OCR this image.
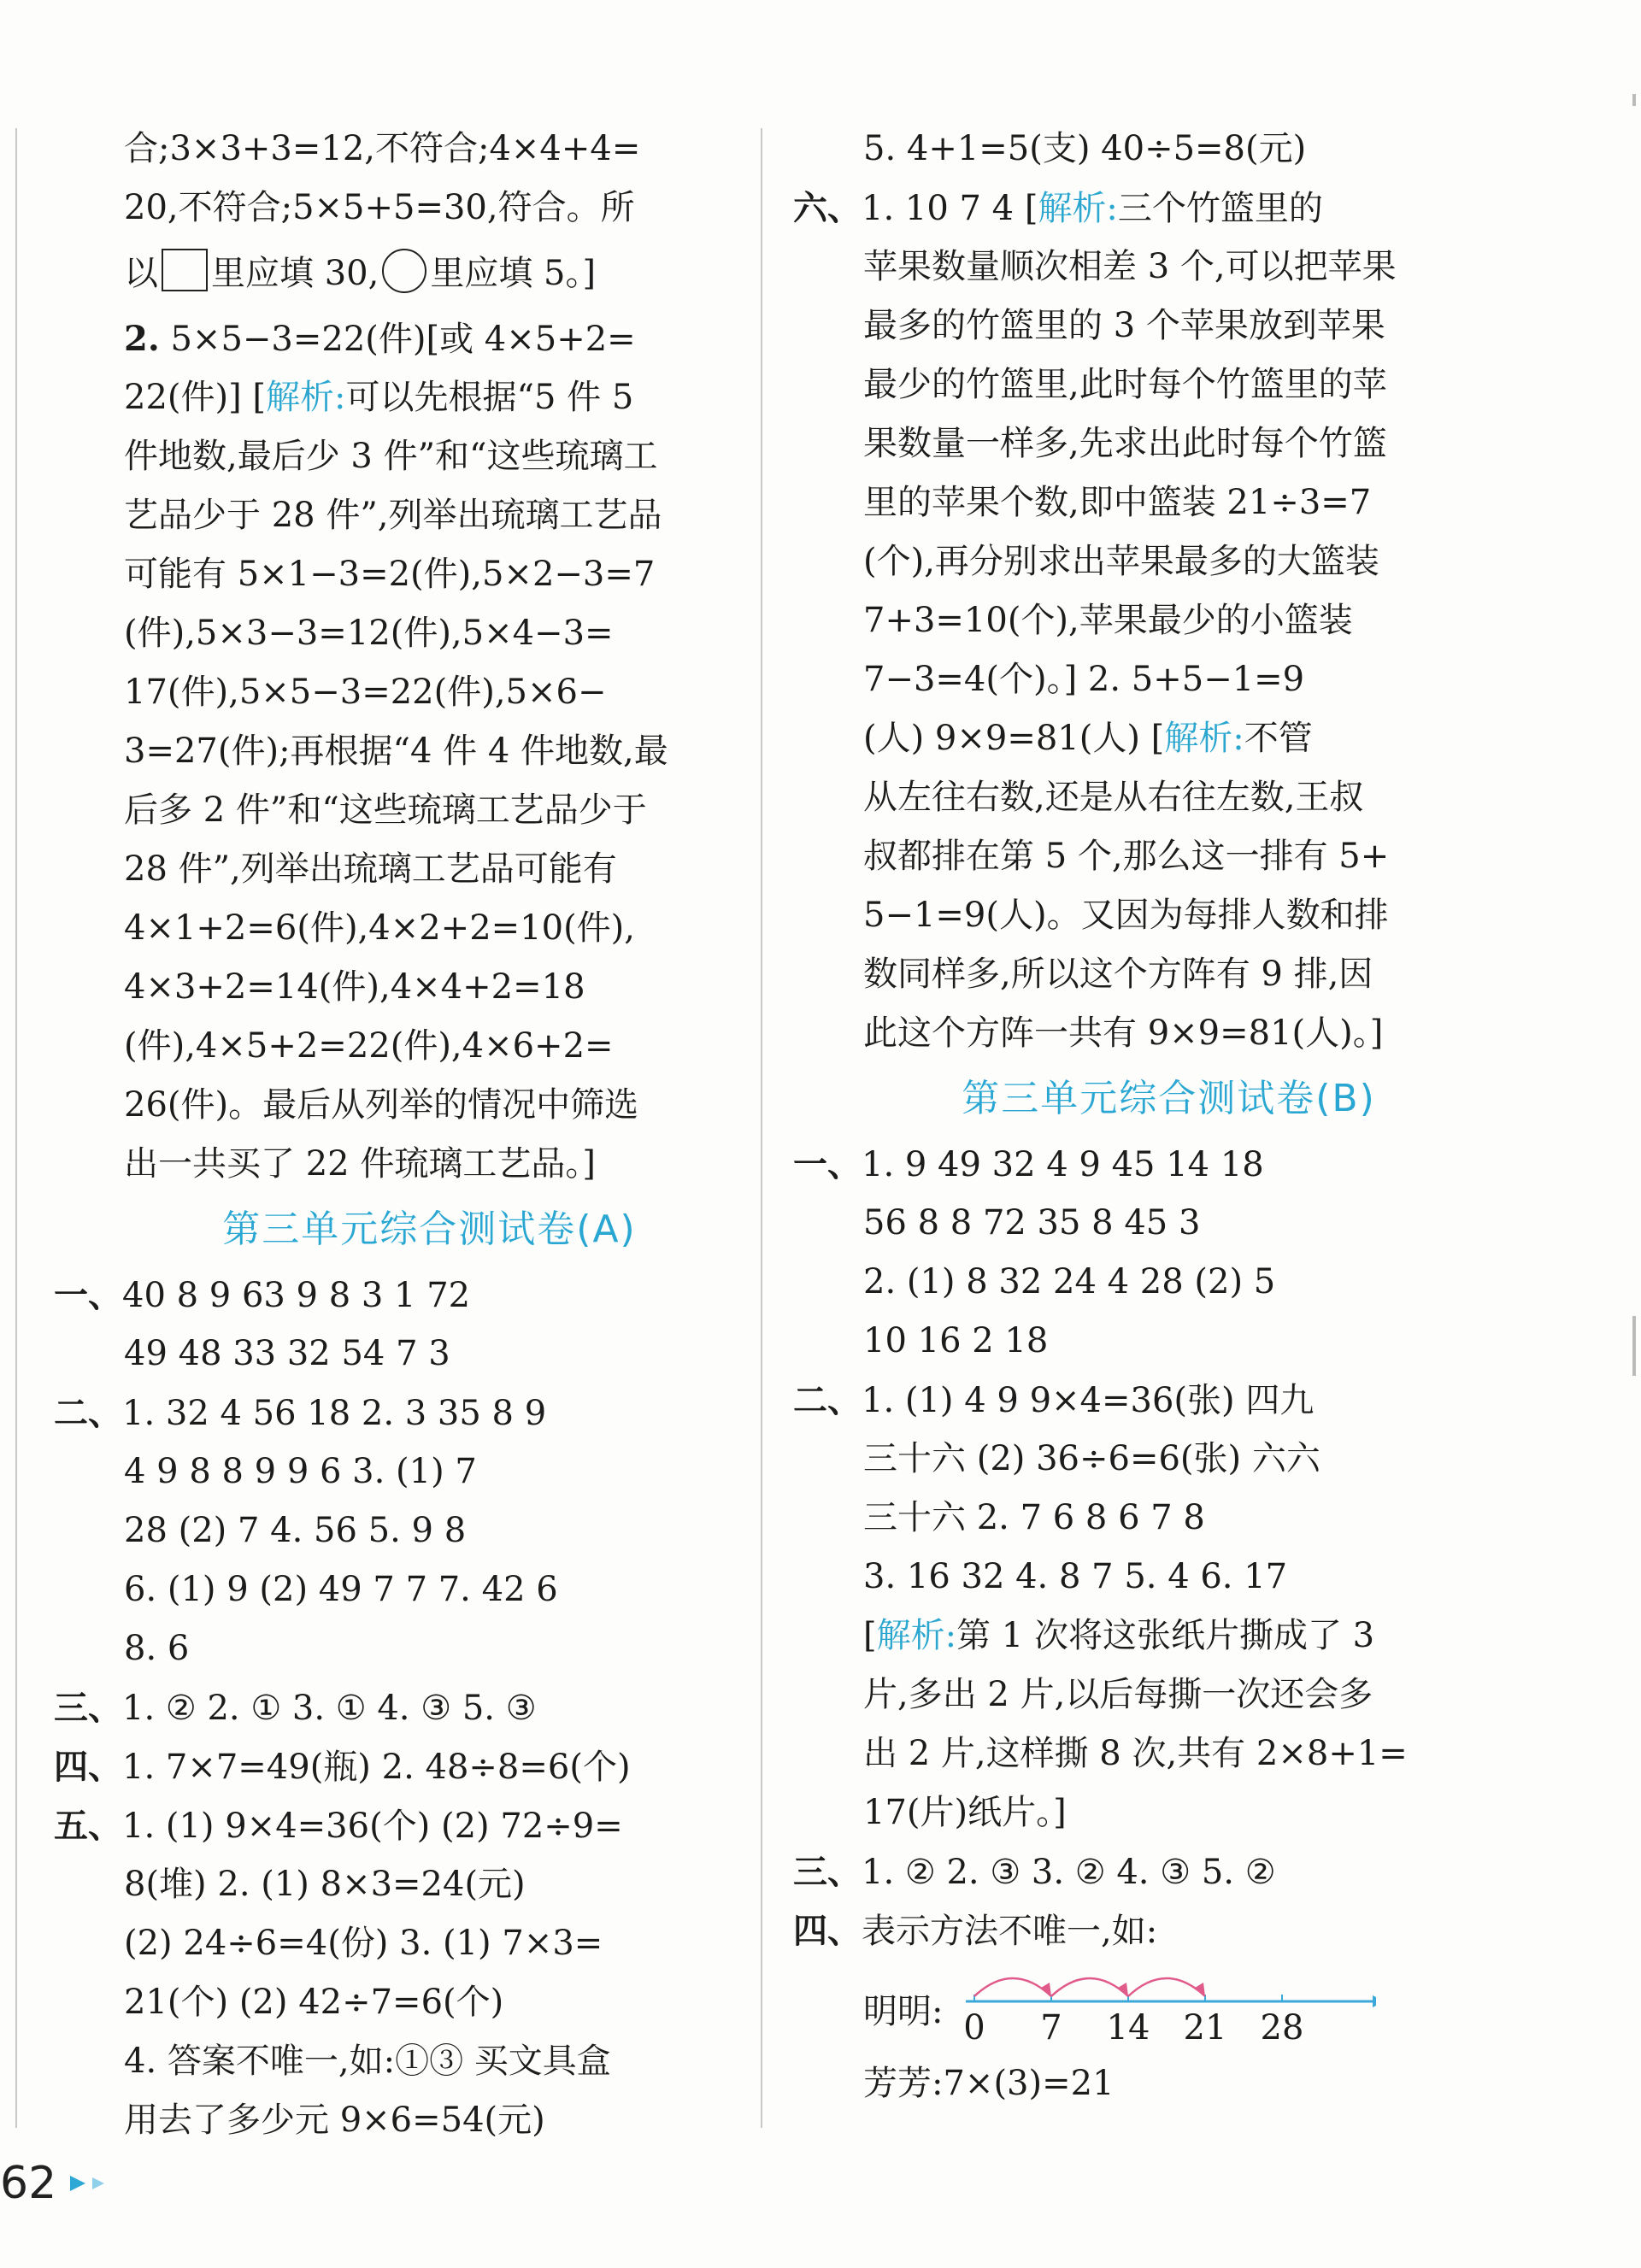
合;3×3+3=12,不符合;4×4+4=
20,不符合;5×5+5=30,符合。所
以 里应填 30, 里应填 5。]
2. 5×5−3=22(件)[或 4×5+2=
22(件)] [解析:可以先根据“5 件 5
件地数,最后少 3 件”和“这些琉璃工
艺品少于 28 件”,列举出琉璃工艺品
可能有 5×1−3=2(件),5×2−3=7
(件),5×3−3=12(件),5×4−3=
17(件),5×5−3=22(件),5×6−
3=27(件);再根据“4 件 4 件地数,最
后多 2 件”和“这些琉璃工艺品少于
28 件”,列举出琉璃工艺品可能有
4×1+2=6(件),4×2+2=10(件),
4×3+2=14(件),4×4+2=18
(件),4×5+2=22(件),4×6+2=
26(件)。最后从列举的情况中筛选
出一共买了 22 件琉璃工艺品。]
第三单元综合测试卷(A)
一、40 8 9 63 9 8 3 1 72
49 48 33 32 54 7 3
二、1. 32 4 56 18 2. 3 35 8 9
4 9 8 8 9 9 6 3. (1) 7
28 (2) 7 4. 56 5. 9 8
6. (1) 9 (2) 49 7 7 7. 42 6
8. 6
三、1. ② 2. ① 3. ① 4. ③ 5. ③
四、1. 7×7=49(瓶) 2. 48÷8=6(个)
五、1. (1) 9×4=36(个) (2) 72÷9=
8(堆) 2. (1) 8×3=24(元)
(2) 24÷6=4(份) 3. (1) 7×3=
21(个) (2) 42÷7=6(个)
4. 答案不唯一,如:①③ 买文具盒
用去了多少元 9×6=54(元)
5. 4+1=5(支) 40÷5=8(元)
六、1. 10 7 4 [解析:三个竹篮里的
苹果数量顺次相差 3 个,可以把苹果
最多的竹篮里的 3 个苹果放到苹果
最少的竹篮里,此时每个竹篮里的苹
果数量一样多,先求出此时每个竹篮
里的苹果个数,即中篮装 21÷3=7
(个),再分别求出苹果最多的大篮装
7+3=10(个),苹果最少的小篮装
7−3=4(个)。] 2. 5+5−1=9
(人) 9×9=81(人) [解析:不管
从左往右数,还是从右往左数,王叔
叔都排在第 5 个,那么这一排有 5+
5−1=9(人)。又因为每排人数和排
数同样多,所以这个方阵有 9 排,因
此这个方阵一共有 9×9=81(人)。]
第三单元综合测试卷(B)
一、1. 9 49 32 4 9 45 14 18
56 8 8 72 35 8 45 3
2. (1) 8 32 24 4 28 (2) 5
10 16 2 18
二、1. (1) 4 9 9×4=36(张) 四九
三十六 (2) 36÷6=6(张) 六六
三十六 2. 7 6 8 6 7 8
3. 16 32 4. 8 7 5. 4 6. 17
[解析:第 1 次将这张纸片撕成了 3
片,多出 2 片,以后每撕一次还会多
出 2 片,这样撕 8 次,共有 2×8+1=
17(片)纸片。]
三、1. ② 2. ③ 3. ② 4. ③ 5. ②
四、表示方法不唯一,如:
明明: 0 7 14 21 28
芳芳:7×(3)=21
62
